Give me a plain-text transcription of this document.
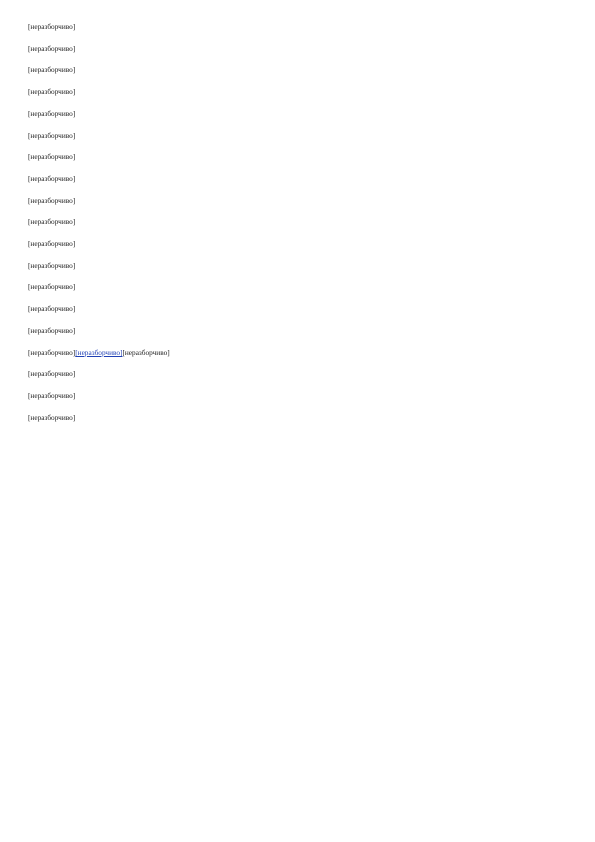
[неразборчиво]

[неразборчиво]

[неразборчиво]

[неразборчиво]

[неразборчиво]

[неразборчиво]

[неразборчиво]

[неразборчиво]

[неразборчиво]

[неразборчиво]

[неразборчиво]

[неразборчиво]

[неразборчиво]

[неразборчиво]

[неразборчиво]

[неразборчиво][неразборчиво][неразборчиво]

[неразборчиво]

[неразборчиво]

[неразборчиво]
